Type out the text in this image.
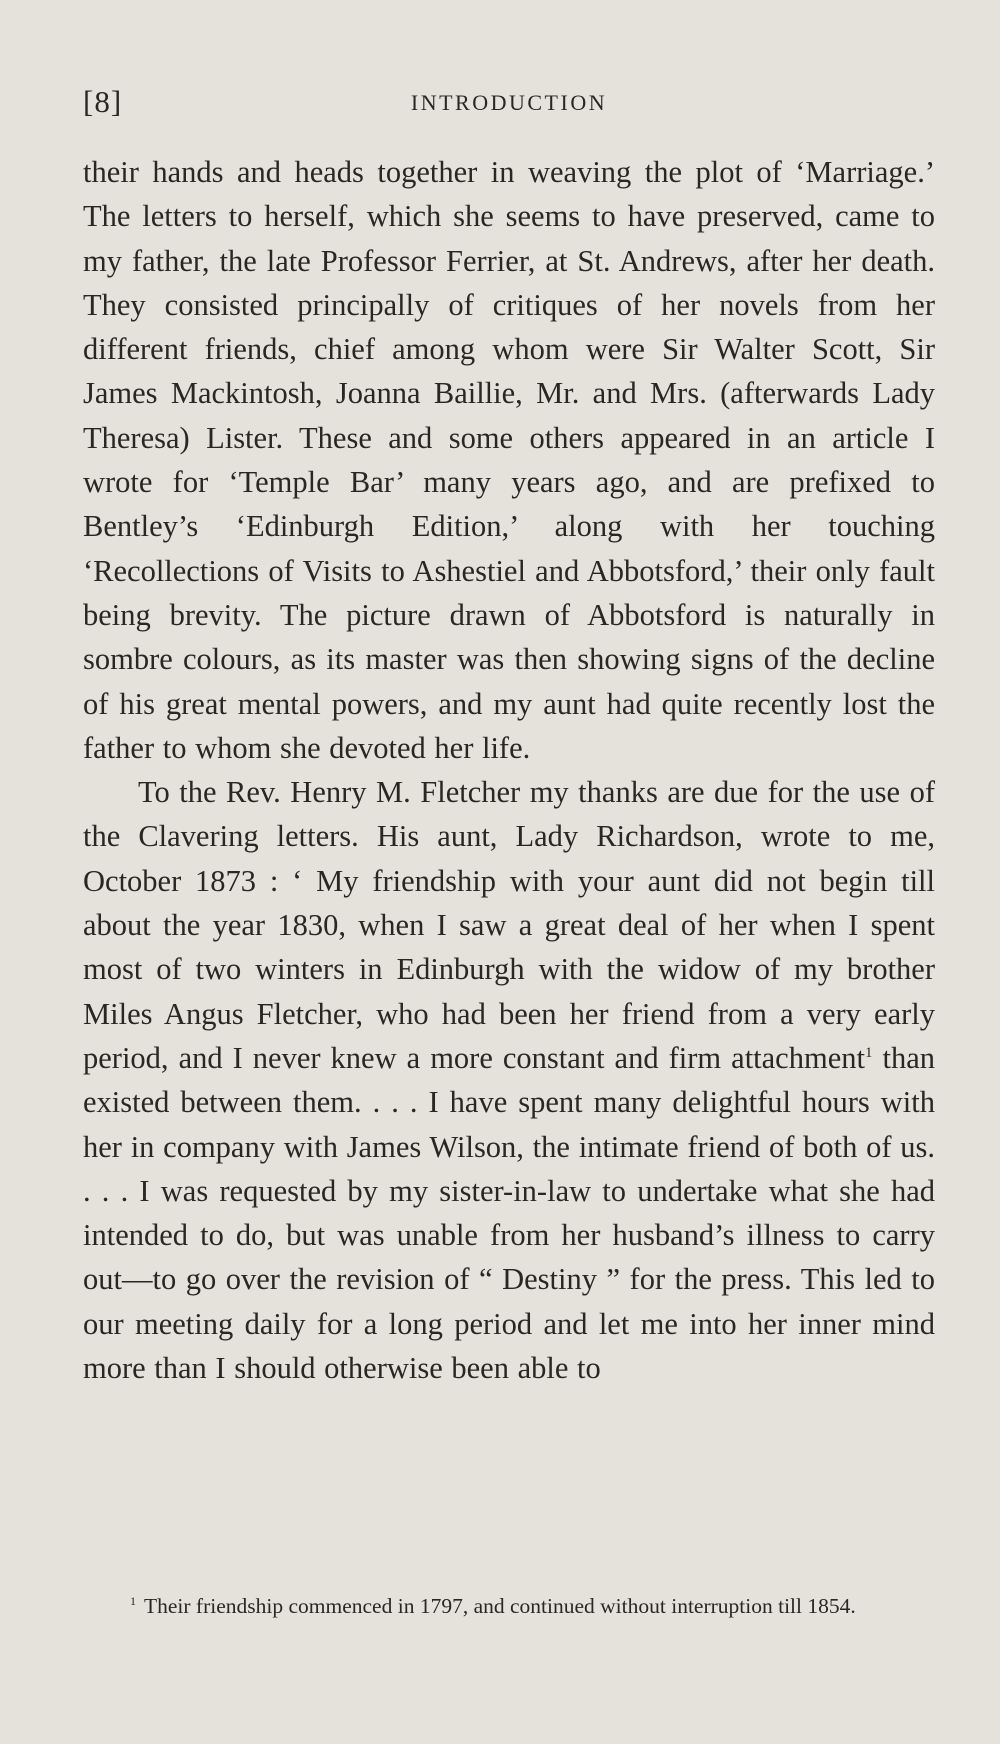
[8]	INTRODUCTION

their hands and heads together in weaving the plot of ‘Marriage.’ The letters to herself, which she seems to have preserved, came to my father, the late Professor Ferrier, at St. Andrews, after her death. They consisted principally of critiques of her novels from her different friends, chief among whom were Sir Walter Scott, Sir James Mackintosh, Joanna Baillie, Mr. and Mrs. (afterwards Lady Theresa) Lister. These and some others appeared in an article I wrote for ‘Temple Bar’ many years ago, and are prefixed to Bentley’s ‘Edinburgh Edition,’ along with her touching ‘Recollections of Visits to Ashestiel and Abbotsford,’ their only fault being brevity. The picture drawn of Abbotsford is naturally in sombre colours, as its master was then showing signs of the decline of his great mental powers, and my aunt had quite recently lost the father to whom she devoted her life.

To the Rev. Henry M. Fletcher my thanks are due for the use of the Clavering letters. His aunt, Lady Richardson, wrote to me, October 1873 : ‘ My friendship with your aunt did not begin till about the year 1830, when I saw a great deal of her when I spent most of two winters in Edinburgh with the widow of my brother Miles Angus Fletcher, who had been her friend from a very early period, and I never knew a more constant and firm attachment$^1$ than existed between them. . . . I have spent many delightful hours with her in company with James Wilson, the intimate friend of both of us. . . . I was requested by my sister-in-law to undertake what she had intended to do, but was unable from her husband’s illness to carry out—to go over the revision of “ Destiny ” for the press. This led to our meeting daily for a long period and let me into her inner mind more than I should otherwise been able to

$^1$ Their friendship commenced in 1797, and continued without interruption till 1854.
